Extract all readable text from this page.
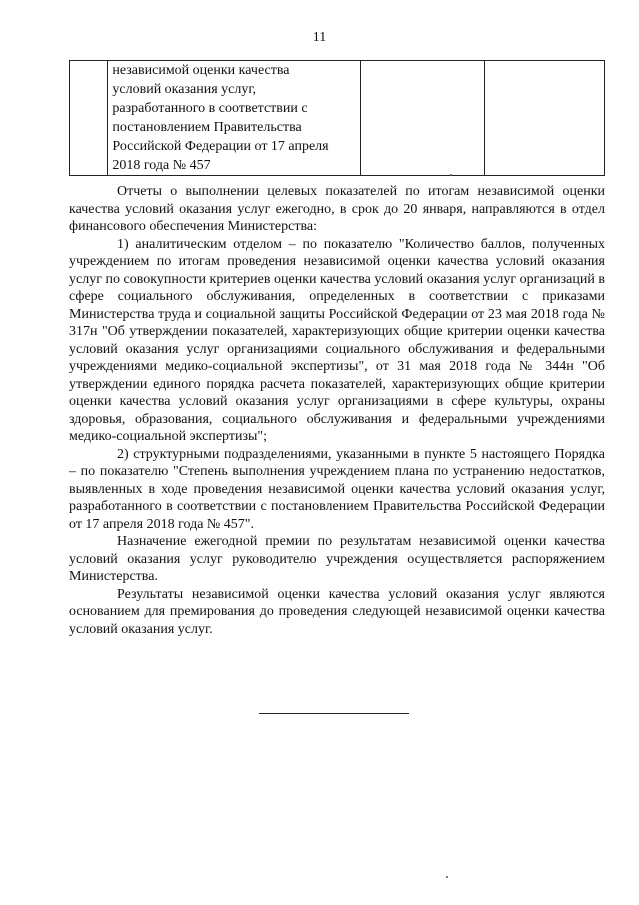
11

независимой оценки качества
условий оказания услуг,
разработанного в соответствии с
постановлением Правительства
Российской Федерации от 17 апреля
2018 года № 457

Отчеты о выполнении целевых показателей по итогам независимой оценки качества условий оказания услуг ежегодно, в срок до 20 января, направляются в отдел финансового обеспечения Министерства:

1) аналитическим отделом – по показателю "Количество баллов, полученных учреждением по итогам проведения независимой оценки качества условий оказания услуг по совокупности критериев оценки качества условий оказания услуг организаций в сфере социального обслуживания, определенных в соответствии с приказами Министерства труда и социальной защиты Российской Федерации от 23 мая 2018 года № 317н "Об утверждении показателей, характеризующих общие критерии оценки качества условий оказания услуг организациями социального обслуживания и федеральными учреждениями медико-социальной экспертизы", от 31 мая 2018 года № 344н "Об утверждении единого порядка расчета показателей, характеризующих общие критерии оценки качества условий оказания услуг организациями в сфере культуры, охраны здоровья, образования, социального обслуживания и федеральными учреждениями медико-социальной экспертизы";

2) структурными подразделениями, указанными в пункте 5 настоящего Порядка – по показателю "Степень выполнения учреждением плана по устранению недостатков, выявленных в ходе проведения независимой оценки качества условий оказания услуг, разработанного в соответствии с постановлением Правительства Российской Федерации от 17 апреля 2018 года № 457".

Назначение ежегодной премии по результатам независимой оценки качества условий оказания услуг руководителю учреждения осуществляется распоряжением Министерства.

Результаты независимой оценки качества условий оказания услуг являются основанием для премирования до проведения следующей независимой оценки качества условий оказания услуг.
